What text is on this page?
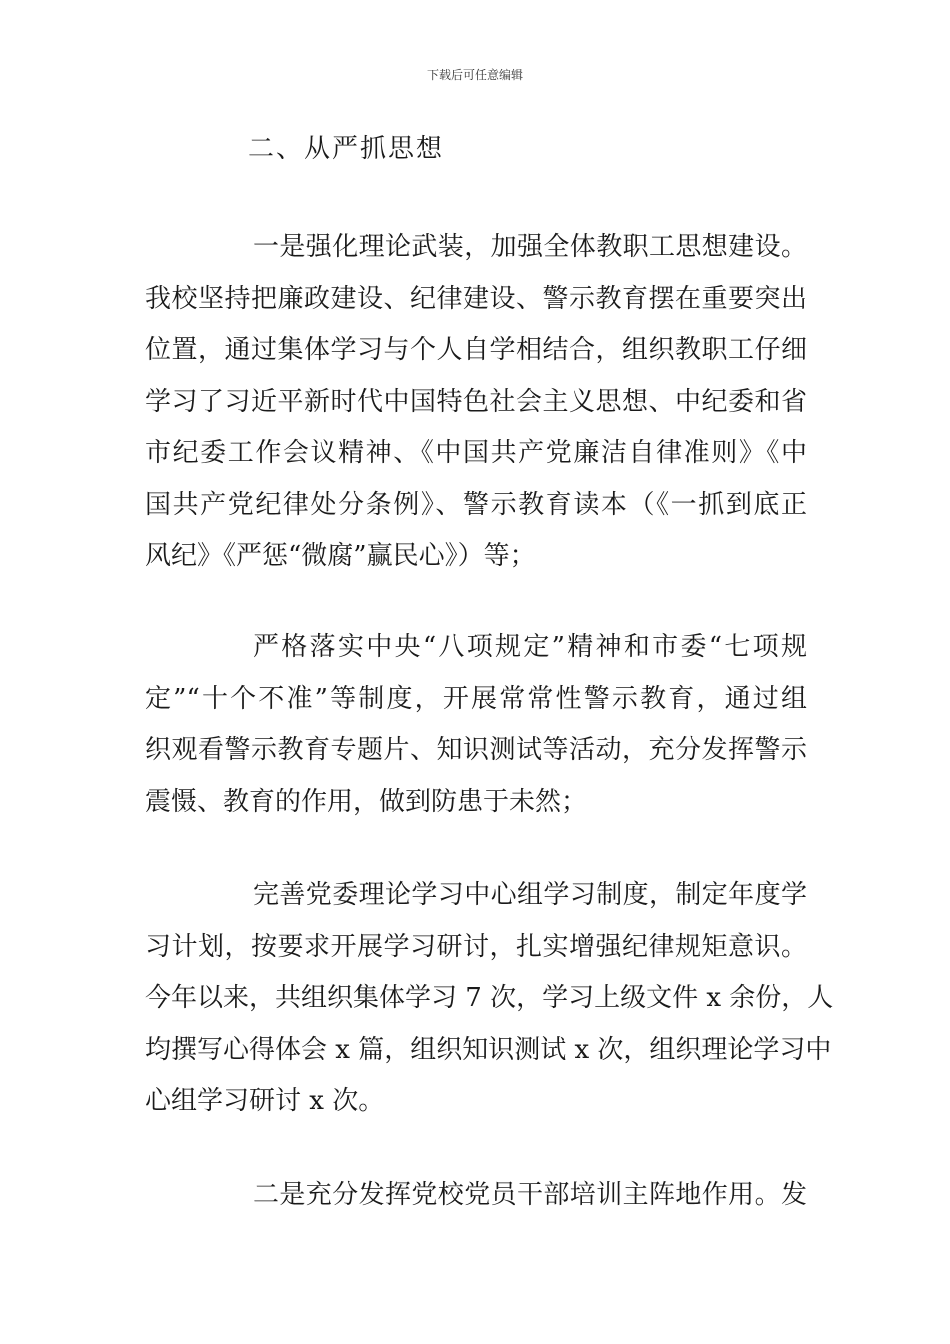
下载后可任意编辑
二、从严抓思想
一是强化理论武装，加强全体教职工思想建设。
我校坚持把廉政建设、纪律建设、警示教育摆在重要突出
位置，通过集体学习与个人自学相结合，组织教职工仔细
学习了习近平新时代中国特色社会主义思想、中纪委和省
市纪委工作会议精神、《中国共产党廉洁自律准则》《中
国共产党纪律处分条例》、警示教育读本（《一抓到底正
风纪》《严惩“微腐”赢民心》）等；
严格落实中央“八项规定”精神和市委“七项规
定”“十个不准”等制度，开展常常性警示教育，通过组
织观看警示教育专题片、知识测试等活动，充分发挥警示
震慑、教育的作用，做到防患于未然；
完善党委理论学习中心组学习制度，制定年度学
习计划，按要求开展学习研讨，扎实增强纪律规矩意识。
今年以来，共组织集体学习 7 次，学习上级文件 x 余份，人
均撰写心得体会 x 篇，组织知识测试 x 次，组织理论学习中
心组学习研讨 x 次。
二是充分发挥党校党员干部培训主阵地作用。发
